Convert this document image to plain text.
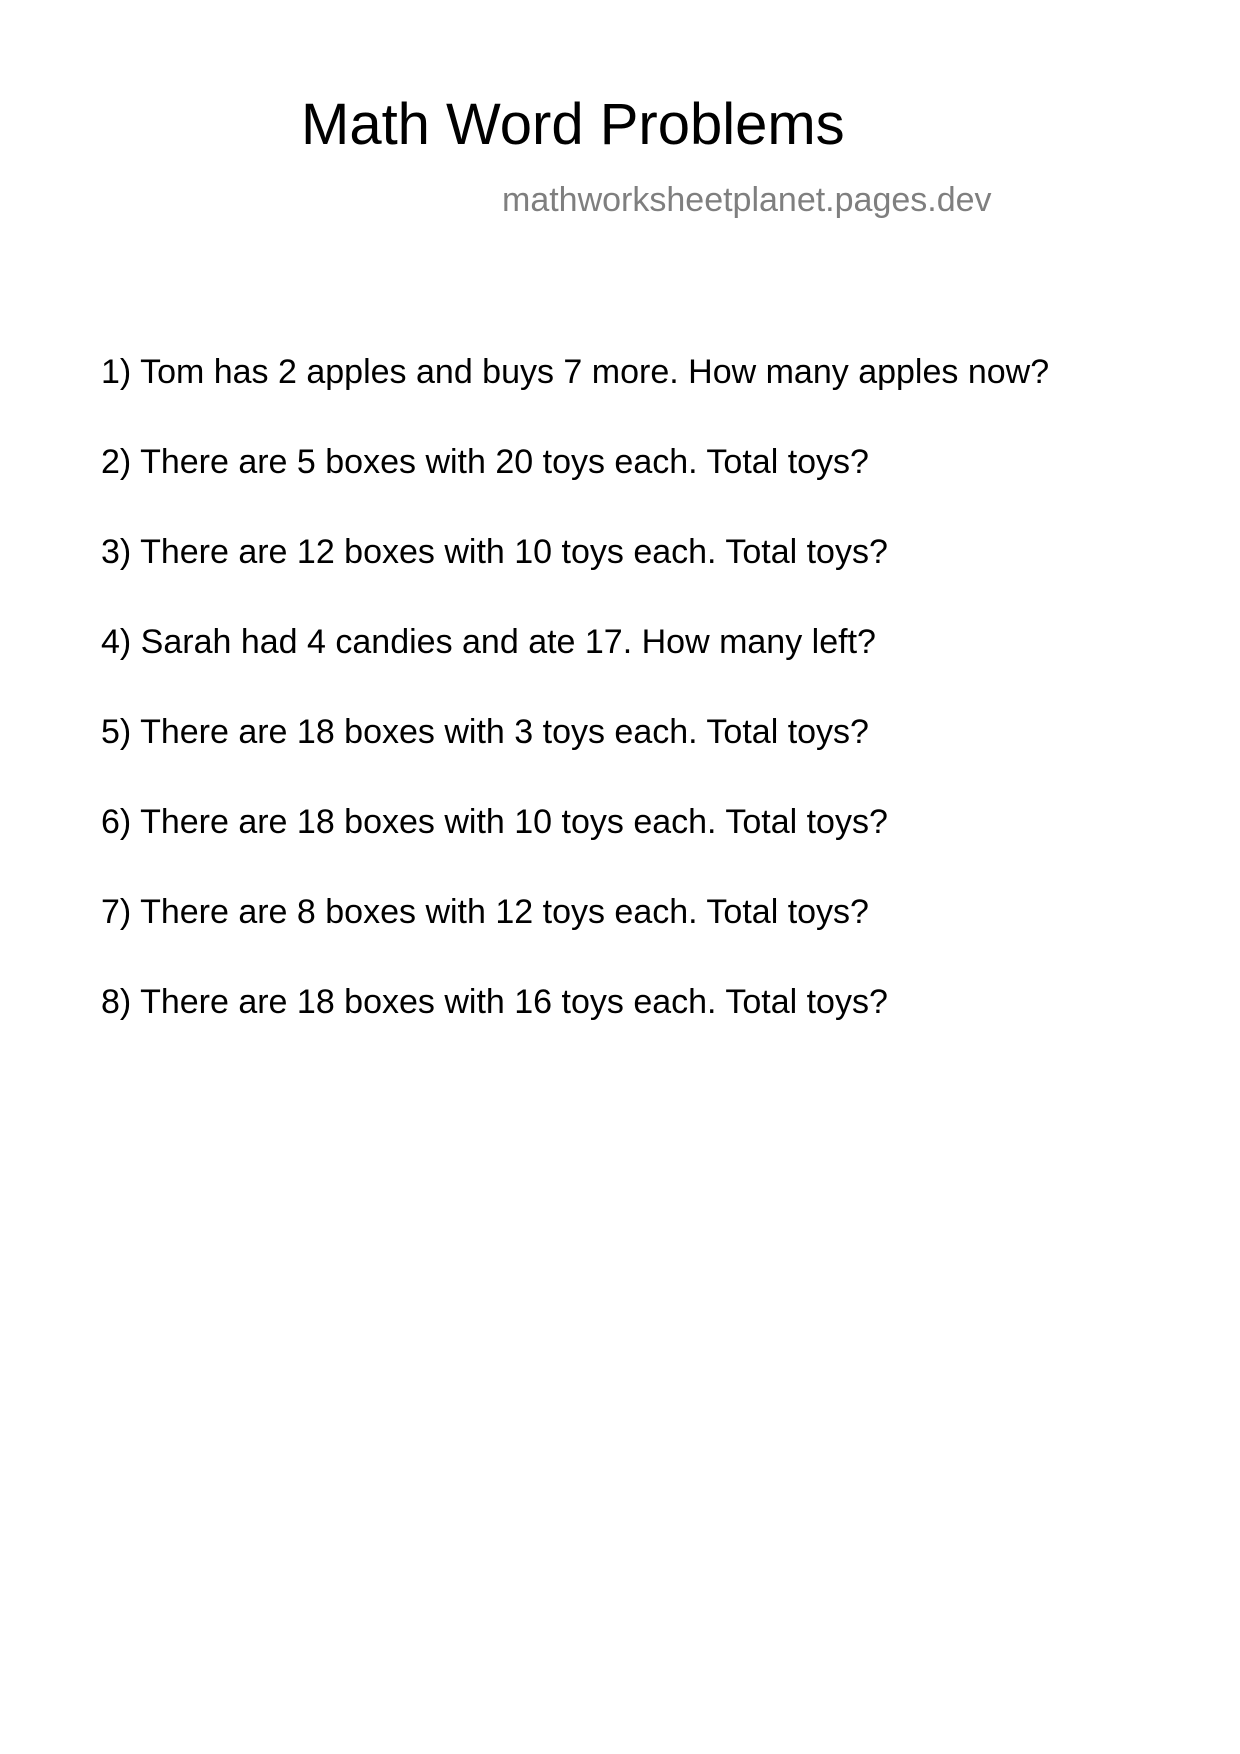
Math Word Problems
mathworksheetplanet.pages.dev
1) Tom has 2 apples and buys 7 more. How many apples now?
2) There are 5 boxes with 20 toys each. Total toys?
3) There are 12 boxes with 10 toys each. Total toys?
4) Sarah had 4 candies and ate 17. How many left?
5) There are 18 boxes with 3 toys each. Total toys?
6) There are 18 boxes with 10 toys each. Total toys?
7) There are 8 boxes with 12 toys each. Total toys?
8) There are 18 boxes with 16 toys each. Total toys?
